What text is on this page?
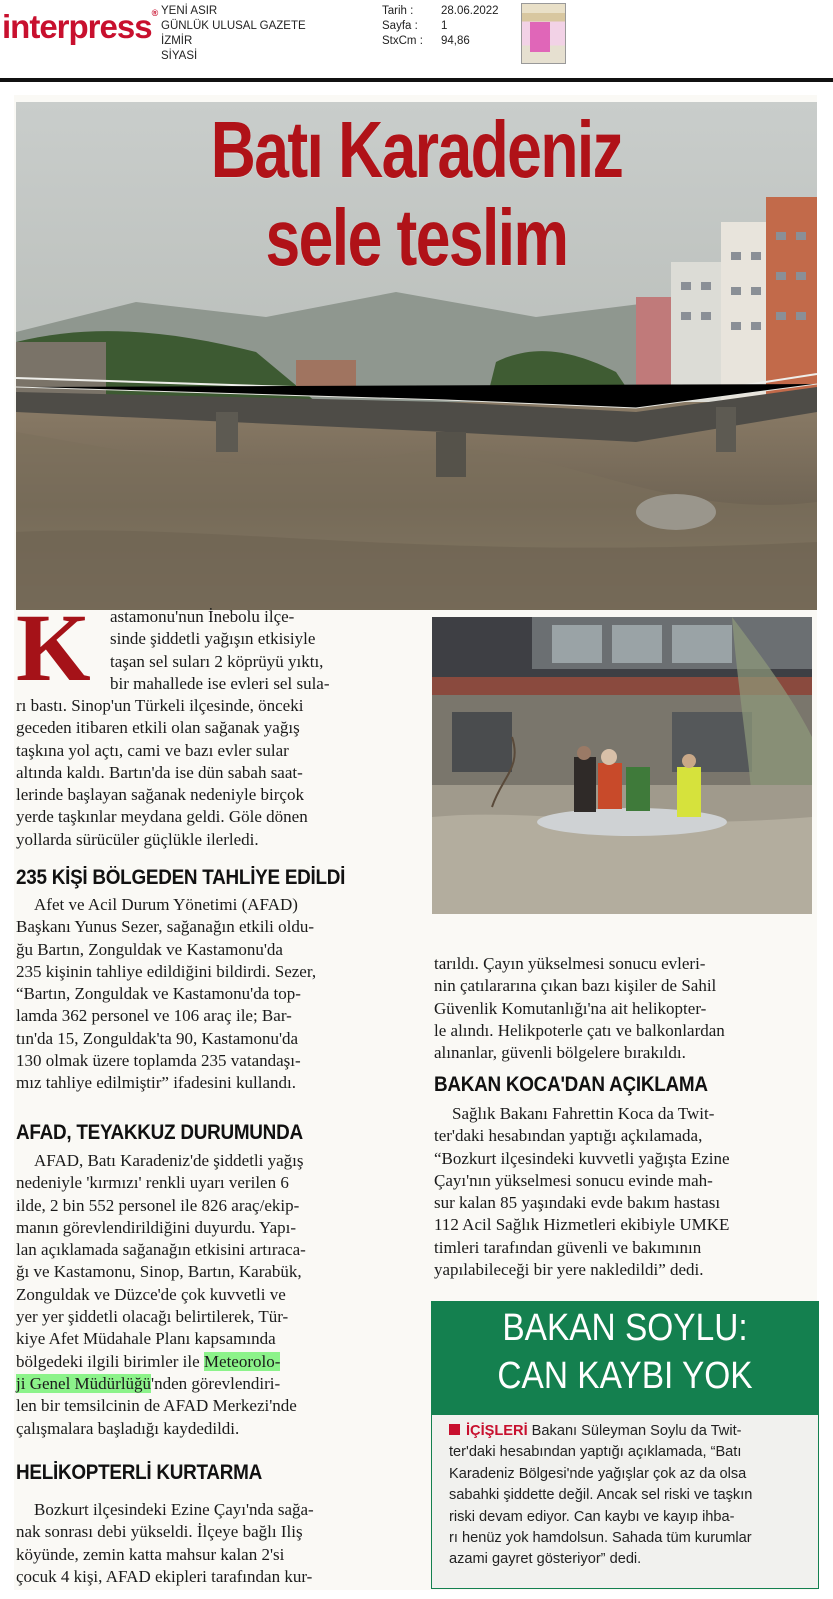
interpress® YENİ ASIR
GÜNLÜK ULUSAL GAZETE
İZMİR
SİYASİ
Tarih :
Sayfa :
StxCm :
28.06.2022
1
94,86
Batı Karadeniz
sele teslim
K astamonu'nun İnebolu ilçe-
sinde şiddetli yağışın etkisiyle
taşan sel suları 2 köprüyü yıktı,
bir mahallede ise evleri sel sula-
rı bastı. Sinop'un Türkeli ilçesinde, önceki
geceden itibaren etkili olan sağanak yağış
taşkına yol açtı, cami ve bazı evler sular
altında kaldı. Bartın'da ise dün sabah saat-
lerinde başlayan sağanak nedeniyle birçok
yerde taşkınlar meydana geldi. Göle dönen
yollarda sürücüler güçlükle ilerledi.
235 KİŞİ BÖLGEDEN TAHLİYE EDİLDİ
Afet ve Acil Durum Yönetimi (AFAD)
Başkanı Yunus Sezer, sağanağın etkili oldu-
ğu Bartın, Zonguldak ve Kastamonu'da
235 kişinin tahliye edildiğini bildirdi. Sezer,
“Bartın, Zonguldak ve Kastamonu'da top-
lamda 362 personel ve 106 araç ile; Bar-
tın'da 15, Zonguldak'ta 90, Kastamonu'da
130 olmak üzere toplamda 235 vatandaşı-
mız tahliye edilmiştir” ifadesini kullandı.
AFAD, TEYAKKUZ DURUMUNDA
AFAD, Batı Karadeniz'de şiddetli yağış
nedeniyle 'kırmızı' renkli uyarı verilen 6
ilde, 2 bin 552 personel ile 826 araç/ekip-
manın görevlendirildiğini duyurdu. Yapı-
lan açıklamada sağanağın etkisini artıraca-
ğı ve Kastamonu, Sinop, Bartın, Karabük,
Zonguldak ve Düzce'de çok kuvvetli ve
yer yer şiddetli olacağı belirtilerek, Tür-
kiye Afet Müdahale Planı kapsamında
bölgedeki ilgili birimler ile Meteorolo-
ji Genel Müdürlüğü'nden görevlendiri-
len bir temsilcinin de AFAD Merkezi'nde
çalışmalara başladığı kaydedildi.
HELİKOPTERLİ KURTARMA
Bozkurt ilçesindeki Ezine Çayı'nda sağa-
nak sonrası debi yükseldi. İlçeye bağlı Iliş
köyünde, zemin katta mahsur kalan 2'si
çocuk 4 kişi, AFAD ekipleri tarafından kur-
tarıldı. Çayın yükselmesi sonucu evleri-
nin çatılararına çıkan bazı kişiler de Sahil
Güvenlik Komutanlığı'na ait helikopter-
le alındı. Helikpoterle çatı ve balkonlardan
alınanlar, güvenli bölgelere bırakıldı.
BAKAN KOCA'DAN AÇIKLAMA
Sağlık Bakanı Fahrettin Koca da Twit-
ter'daki hesabından yaptığı açkılamada,
“Bozkurt ilçesindeki kuvvetli yağışta Ezine
Çayı'nın yükselmesi sonucu evinde mah-
sur kalan 85 yaşındaki evde bakım hastası
112 Acil Sağlık Hizmetleri ekibiyle UMKE
timleri tarafından güvenli ve bakımının
yapılabileceği bir yere nakledildi” dedi.
BAKAN SOYLU:
CAN KAYBI YOK
İÇİŞLERİ Bakanı Süleyman Soylu da Twit-
ter'daki hesabından yaptığı açıklamada, “Batı
Karadeniz Bölgesi'nde yağışlar çok az da olsa
sabahki şiddette değil. Ancak sel riski ve taşkın
riski devam ediyor. Can kaybı ve kayıp ihba-
rı henüz yok hamdolsun. Sahada tüm kurumlar
azami gayret gösteriyor” dedi.
